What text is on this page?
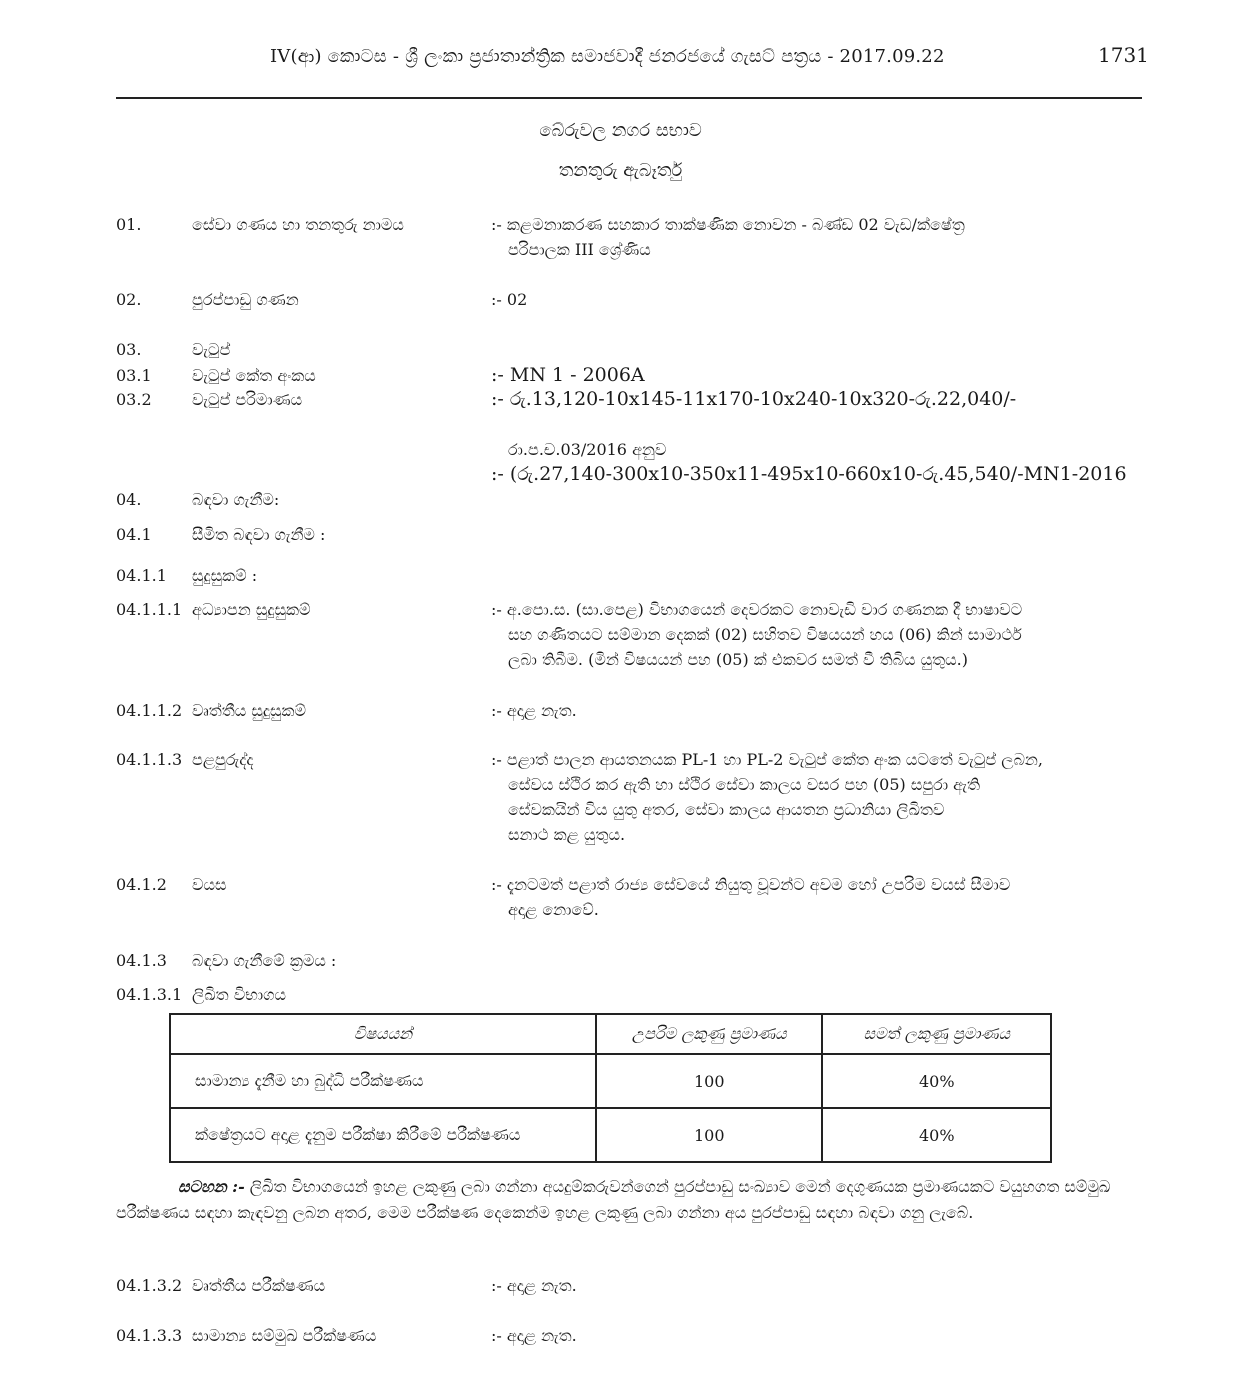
IV(ආ) කොටස - ශ්‍රී ලංකා ප්‍රජාතාන්ත්‍රික සමාජවාදී ජනරජයේ ගැසට් පත්‍රය - 2017.09.22	1731
බේරුවල නගර සභාව
තනතුරු ඇබෑර්තු
01.	සේවා ගණය හා තනතුරු නාමය	:- කළමනාකරණ සහකාර තාක්ෂණික නොවන - බණ්ඩ 02 වැඩ/ක්ෂේත්‍ර
පරිපාලක III ශ්‍රේණිය
02.	පුරප්පාඩු ගණන	:- 02
03.	වැටුප්
03.1	වැටුප් කේත අංකය	:- MN 1 - 2006A
03.2	වැටුප් පරිමාණය	:- රු.13,120-10x145-11x170-10x240-10x320-රු.22,040/-
රා.ප.ච.03/2016 අනුව
:- (රු.27,140-300x10-350x11-495x10-660x10-රු.45,540/-MN1-2016
04.	බඳවා ගැනීම:
04.1	සීමිත බඳවා ගැනීම :
04.1.1 සුදුසුකම් :
04.1.1.1 අධ්‍යාපන සුදුසුකම්	:- අ.පො.ස. (සා.පෙළ) විභාගයෙන් දෙවරකට නොවැඩි වාර ගණනක දී භාෂාවට
සහ ගණිතයට සම්මාන දෙකක් (02) සහිතව විෂයයන් හය (06) කින් සාමාර්ථ
ලබා තිබීම. (මින් විෂයයන් පහ (05) ක් එකවර සමත් වී තිබිය යුතුය.)
04.1.1.2 වෘත්තීය සුදුසුකම්	:- අදාළ නැත.
04.1.1.3 පළපුරුද්ද	:- පළාත් පාලන ආයතනයක PL-1 හා PL-2 වැටුප් කේත අංක යටතේ වැටුප් ලබන,
සේවය ස්ථිර කර ඇති හා ස්ථිර සේවා කාලය වසර පහ (05) සපුරා ඇති
සේවකයින් විය යුතු අතර, සේවා කාලය ආයතන ප්‍රධානියා ලිඛිතව
සනාථ කළ යුතුය.
04.1.2 වයස	:- දැනටමත් පළාත් රාජ්‍ය සේවයේ නියුතු වූවන්ට අවම හෝ උපරිම වයස් සීමාව
අදාළ නොවේ.
04.1.3 බඳවා ගැනීමේ ක්‍රමය :
04.1.3.1 ලිඛිත විභාගය
විෂයයන්	උපරිම ලකුණු ප්‍රමාණය	සමත් ලකුණු ප්‍රමාණය
සාමාන්‍ය දැනීම හා බුද්ධි පරීක්ෂණය	100	40%
ක්ෂේත්‍රයට අදාළ දැනුම පරීක්ෂා කිරීමේ පරීක්ෂණය	100	40%
සටහන :- ලිඛිත විභාගයෙන් ඉහළ ලකුණු ලබා ගන්නා අයදුම්කරුවන්ගෙන් පුරප්පාඩු සංඛ්‍යාව මෙන් දෙගුණයක ප්‍රමාණයකට වයුහගත සම්මුඛ පරීක්ෂණය සඳහා කැඳවනු ලබන අතර, මෙම පරීක්ෂණ දෙකෙන්ම ඉහළ ලකුණු ලබා ගන්නා අය පුරප්පාඩු සඳහා බඳවා ගනු ලැබේ.
04.1.3.2 වෘත්තීය පරීක්ෂණය	:- අදාළ නැත.
04.1.3.3 සාමාන්‍ය සම්මුඛ පරීක්ෂණය	:- අදාළ නැත.
